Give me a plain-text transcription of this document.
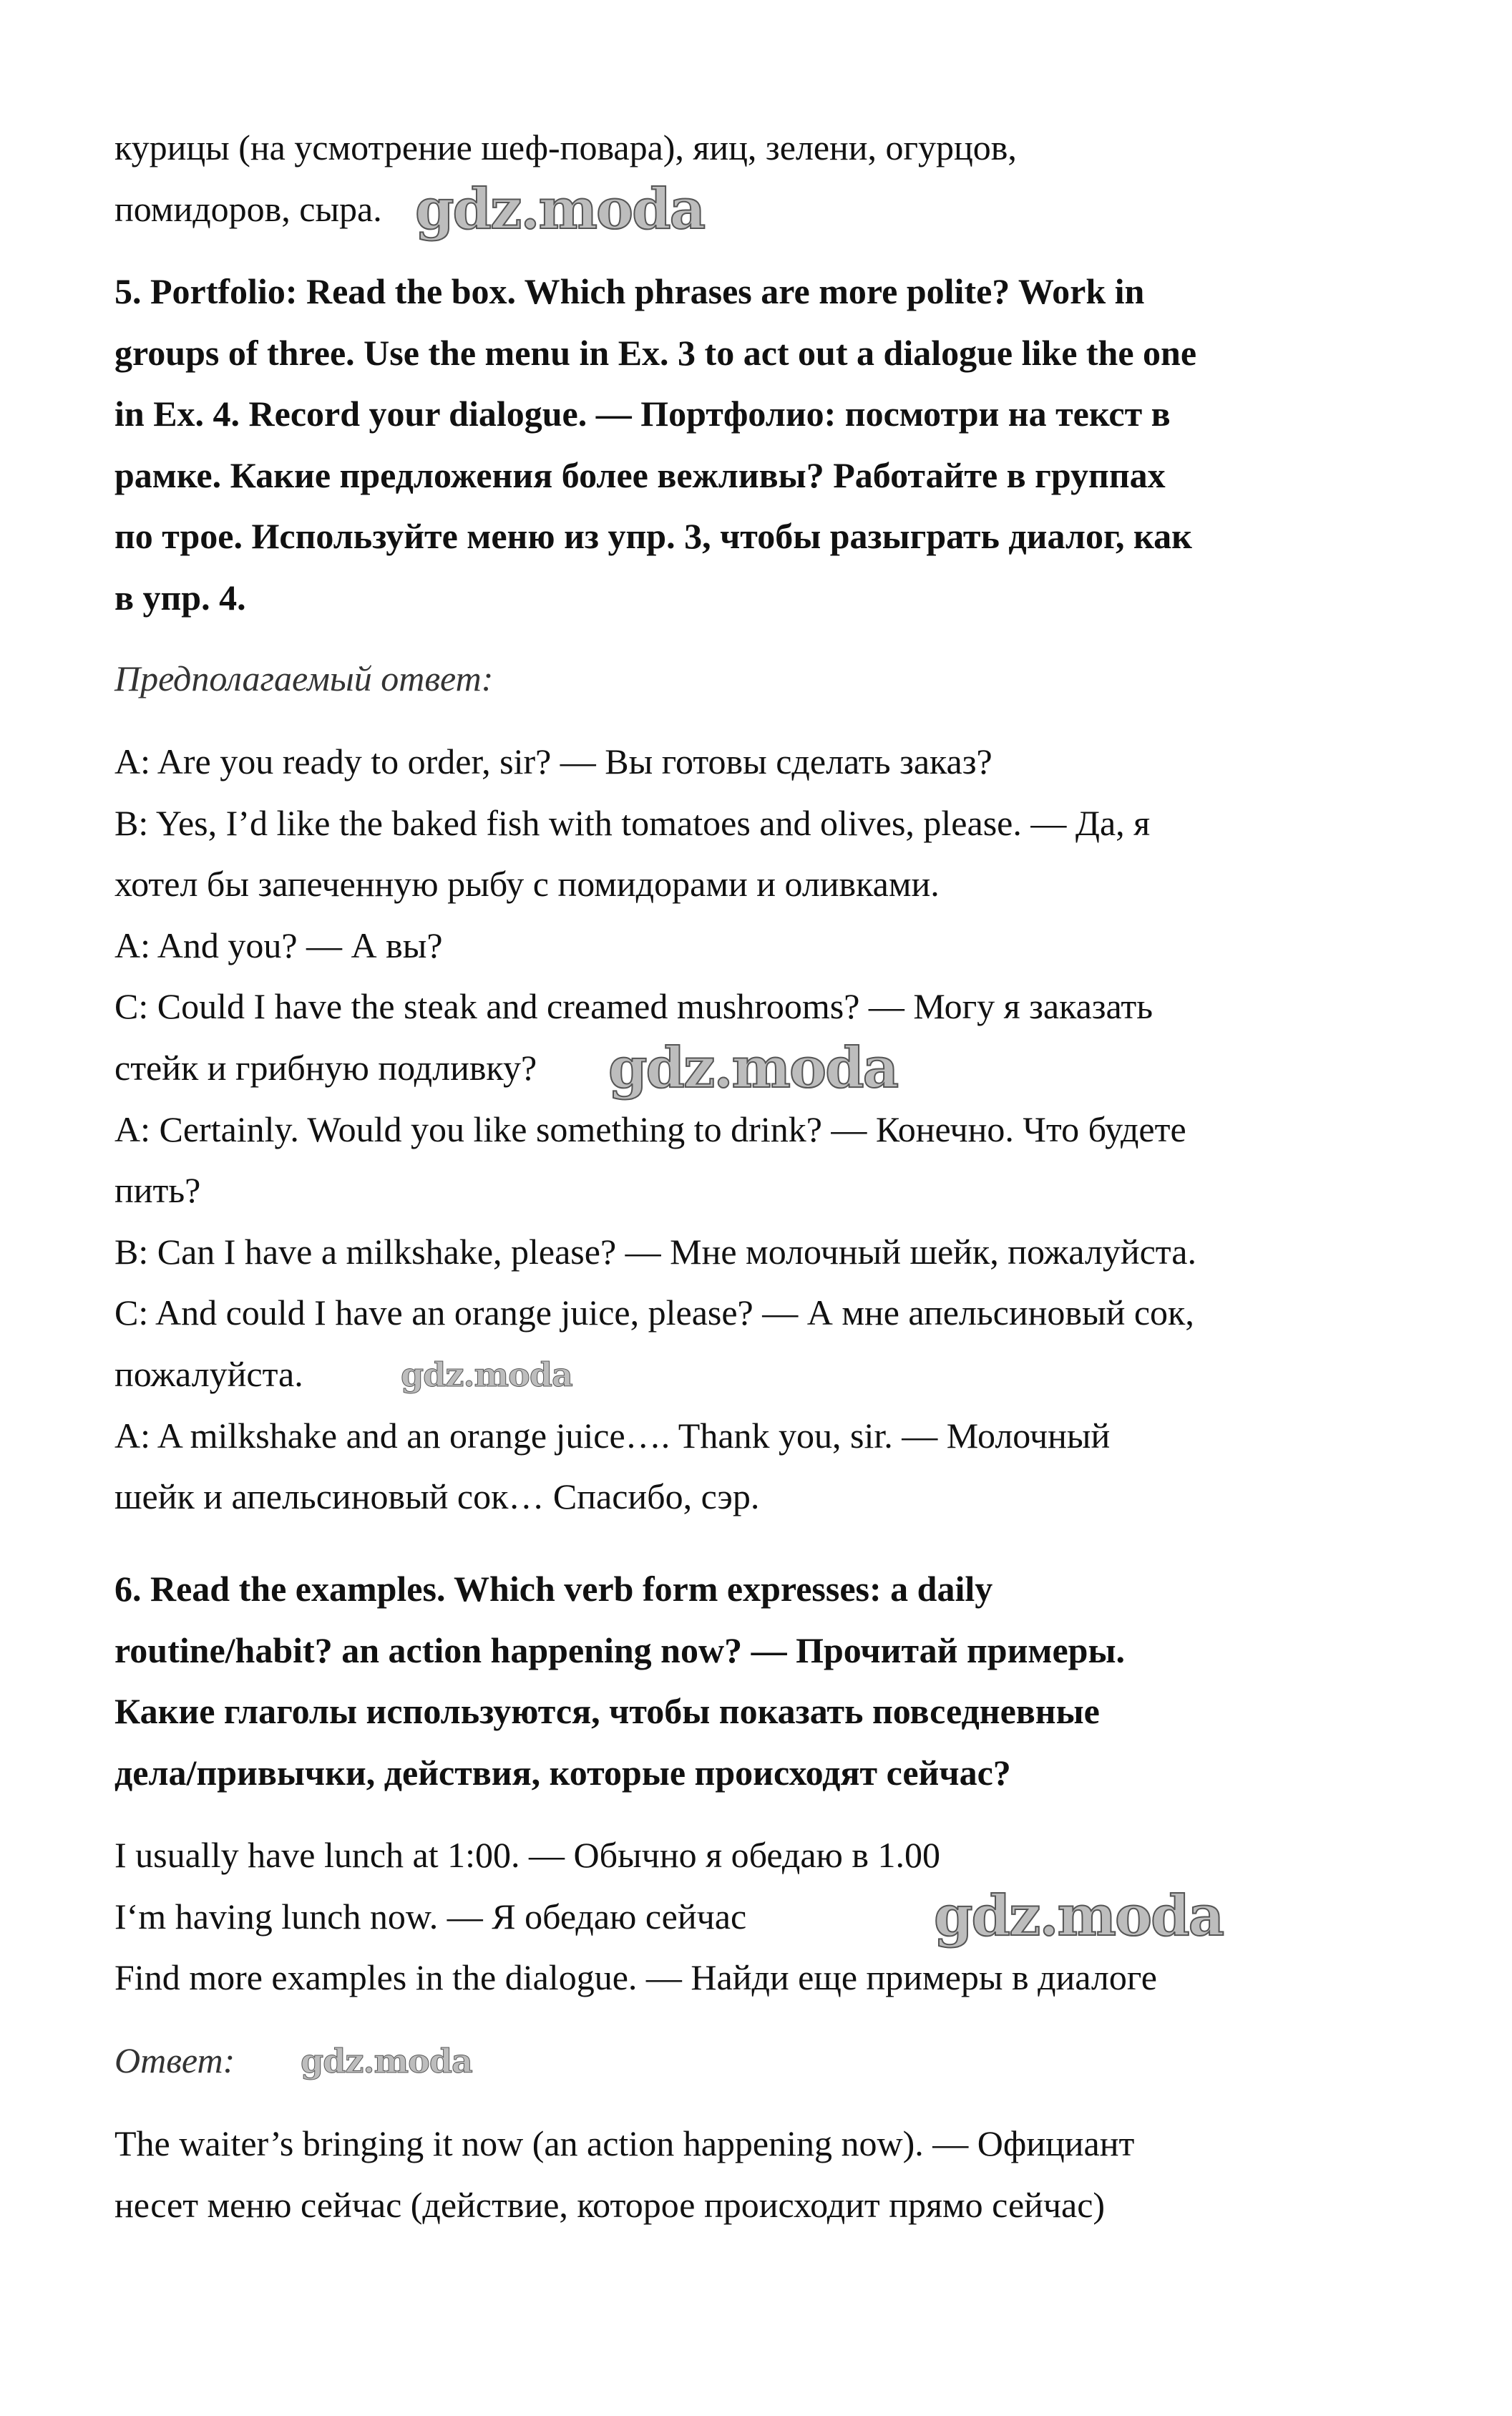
курицы (на усмотрение шеф-повара), яиц, зелени, огурцов,
помидоров, сыра.
5. Portfolio: Read the box. Which phrases are more polite? Work in
groups of three. Use the menu in Ex. 3 to act out a dialogue like the one
in Ex. 4. Record your dialogue. — Портфолио: посмотри на текст в
рамке. Какие предложения более вежливы? Работайте в группах
по трое. Используйте меню из упр. 3, чтобы разыграть диалог, как
в упр. 4.
Предполагаемый ответ:
A: Are you ready to order, sir? — Вы готовы сделать заказ?
B: Yes, I’d like the baked fish with tomatoes and olives, please. — Да, я
хотел бы запеченную рыбу с помидорами и оливками.
A: And you? — А вы?
C: Could I have the steak and creamed mushrooms? — Могу я заказать
стейк и грибную подливку?
A: Certainly. Would you like something to drink? — Конечно. Что будете
пить?
B: Can I have a milkshake, please? — Мне молочный шейк, пожалуйста.
C: And could I have an orange juice, please? — А мне апельсиновый сок,
пожалуйста.
A: A milkshake and an orange juice…. Thank you, sir. — Молочный
шейк и апельсиновый сок… Спасибо, сэр.
6. Read the examples. Which verb form expresses: a daily
routine/habit? an action happening now? — Прочитай примеры.
Какие глаголы используются, чтобы показать повседневные
дела/привычки, действия, которые происходят сейчас?
I usually have lunch at 1:00. — Обычно я обедаю в 1.00
I‘m having lunch now. — Я обедаю сейчас
Find more examples in the dialogue. — Найди еще примеры в диалоге
Ответ:
The waiter’s bringing it now (an action happening now). — Официант
несет меню сейчас (действие, которое происходит прямо сейчас)
gdz.moda
gdz.moda
gdz.moda
gdz.moda
gdz.moda
